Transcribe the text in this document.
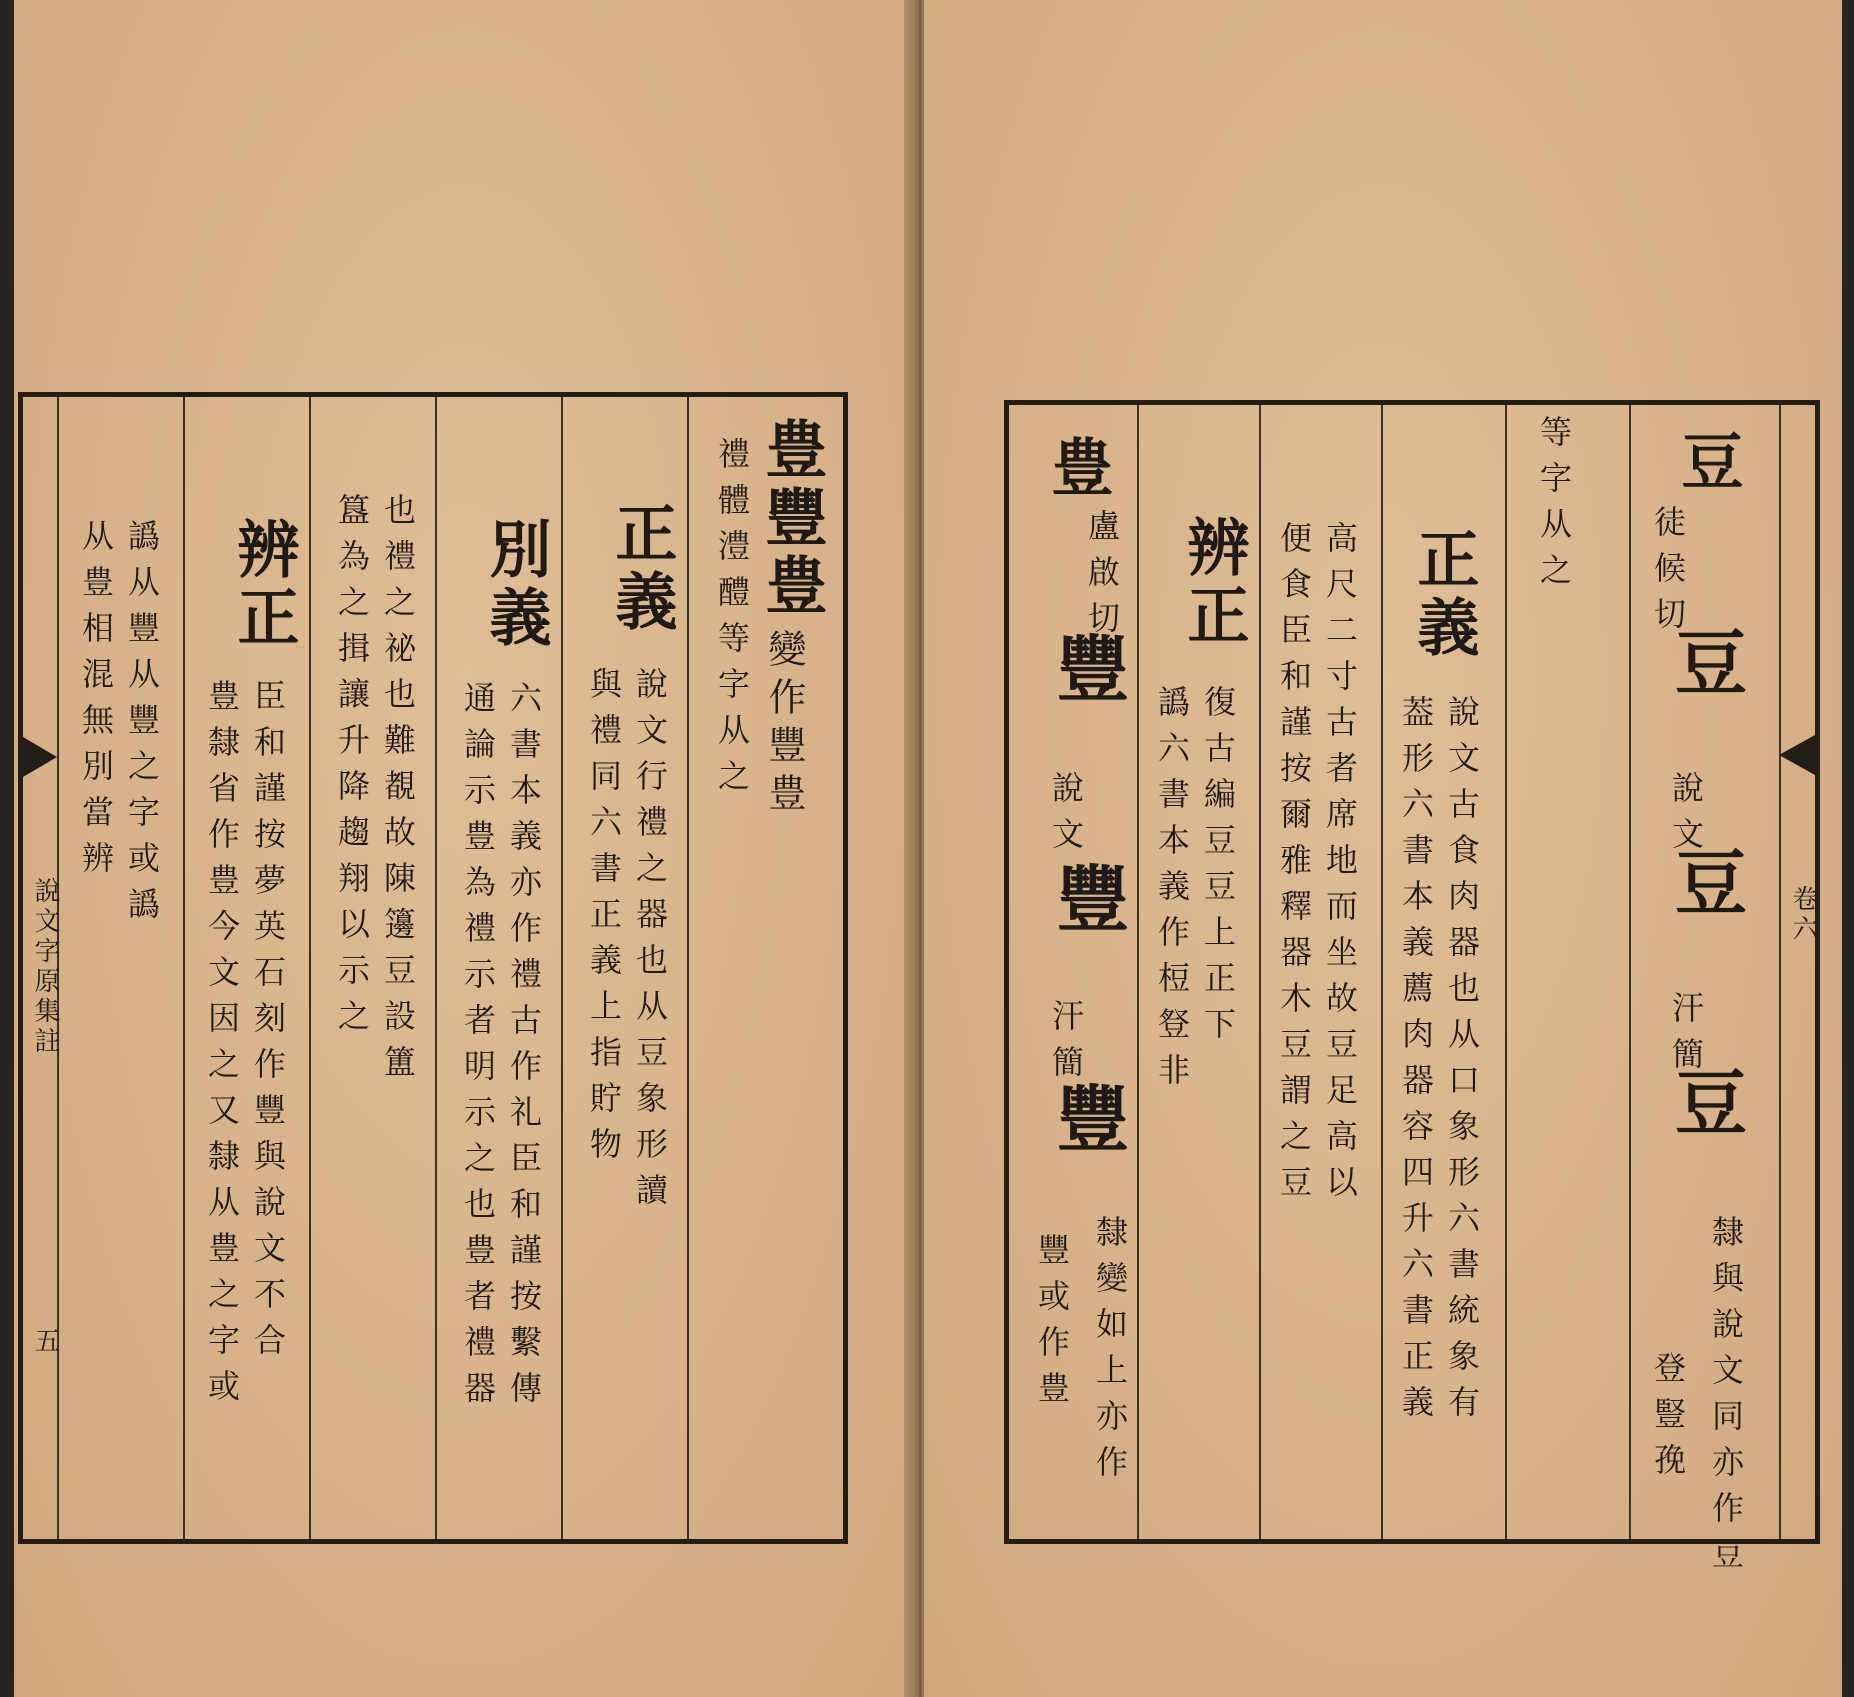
說文字原集註
五
譌从豐从豐之字或譌
从豊相混無別當辨	辨正
臣和謹按夢英石刻作豐與說文不合
豊隸省作豊今文因之又隸从豊之字或	也禮之祕也難覩故陳籩豆設簠
簋為之揖讓升降趨翔以示之	別義
六書本義亦作禮古作礼臣和謹按繫傳
通論示豊為禮示者明示之也豊者禮器
正義
說文行禮之器也从豆象形讀
與禮同六書正義上指貯物
豊豐豊
變作豐豊
禮體澧醴等字从之
卷六
豊
盧啟切
豐
說文
豐
汗簡
豐
隸變如上亦作
豐或作豊
辨正
復古編豆豆上正下
譌六書本義作梪豋非	高尺二寸古者席地而坐故豆足高以
便食臣和謹按爾雅釋器木豆謂之豆	正義
說文古食肉器也从口象形六書統象有
葢形六書本義薦肉器容四升六書正義
等字从之 豆
徒候切
豆
說文
豆
汗簡
豆
隸與說文同亦作豆
登豎㝃
